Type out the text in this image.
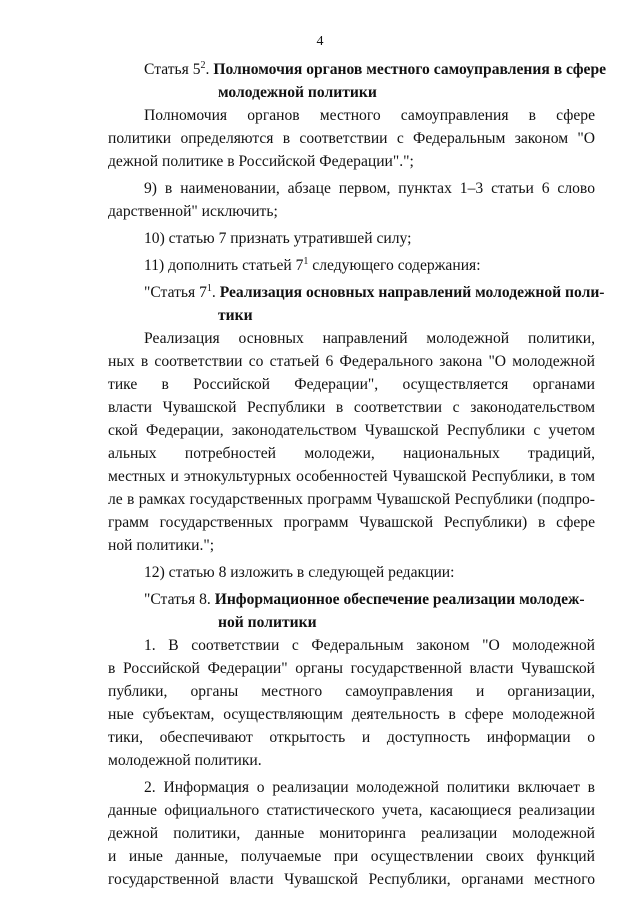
4
Статья $5^2$. Полномочия органов местного самоуправления в сфере
молодежной политики
Полномочия органов местного самоуправления в сфере
политики определяются в соответствии с Федеральным законом "О
дежной политике в Российской Федерации".";
9) в наименовании, абзаце первом, пунктах 1–3 статьи 6 слово
дарственной" исключить;
10) статью 7 признать утратившей силу;
11) дополнить статьей $7^1$ следующего содержания:
"Статья $7^1$. Реализация основных направлений молодежной поли-
тики
Реализация основных направлений молодежной политики,
ных в соответствии со статьей 6 Федерального закона "О молодежной
тике в Российской Федерации", осуществляется органами
власти Чувашской Республики в соответствии с законодательством
ской Федерации, законодательством Чувашской Республики с учетом
альных потребностей молодежи, национальных традиций,
местных и этнокультурных особенностей Чувашской Республики, в том
ле в рамках государственных программ Чувашской Республики (подпро-
грамм государственных программ Чувашской Республики) в сфере
ной политики.";
12) статью 8 изложить в следующей редакции:
"Статья 8. Информационное обеспечение реализации молодеж-
ной политики
1. В соответствии с Федеральным законом "О молодежной
в Российской Федерации" органы государственной власти Чувашской
публики, органы местного самоуправления и организации,
ные субъектам, осуществляющим деятельность в сфере молодежной
тики, обеспечивают открытость и доступность информации о
молодежной политики.
2. Информация о реализации молодежной политики включает в
данные официального статистического учета, касающиеся реализации
дежной политики, данные мониторинга реализации молодежной
и иные данные, получаемые при осуществлении своих функций
государственной власти Чувашской Республики, органами местного
